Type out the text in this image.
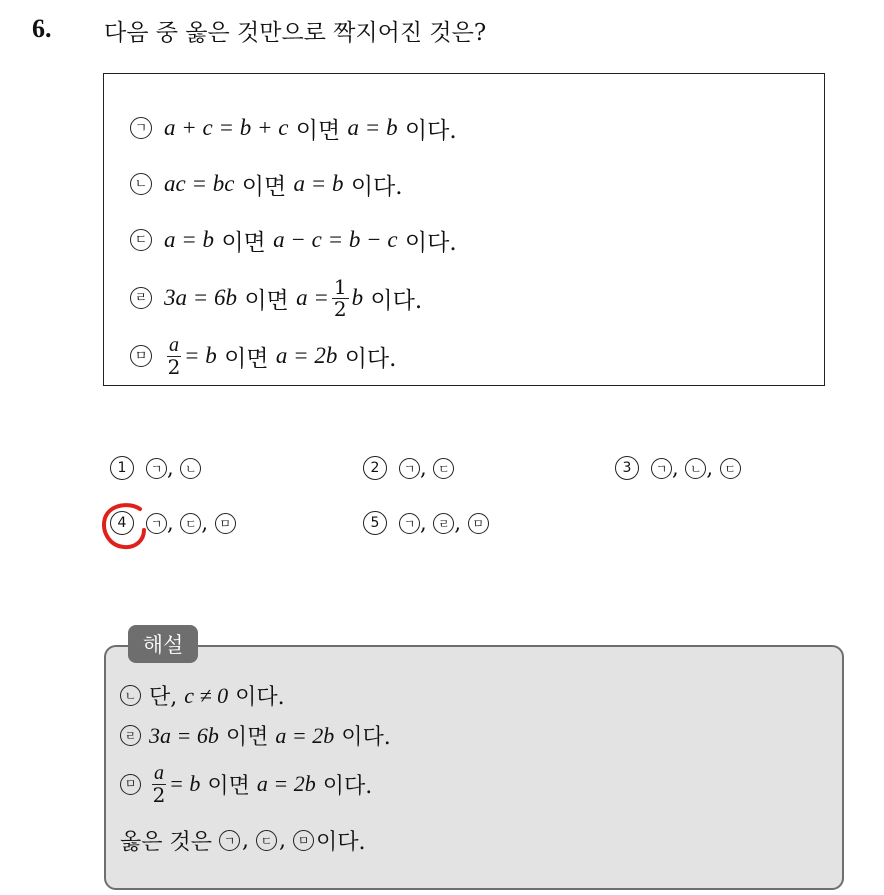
6. 다음 중 옳은 것만으로 짝지어진 것은?
ㄱ a + c = b + c
이면
a = b
이다.
ㄴ ac = bc
이면
a = b
이다.
ㄷ a = b
이면
a − c = b − c
이다.
ㄹ 3a = 6b
이면
$a = \frac{1}{2}$ b
이다.
ㅁ $\frac{a}{2} = b$
이면
a = 2b
이다.
1	ㄱ , ㄴ	2	ㄱ , ㄷ	3	ㄱ , ㄴ , ㄷ
4	ㄱ , ㄷ , ㅁ	5	ㄱ , ㄹ , ㅁ
해설
ㄴ 단,
c ≠ 0
이다.
ㄹ 3a = 6b
이면
a = 2b
이다.
ㅁ $\frac{a}{2} = b$
이면
a = 2b
이다.
옳은 것은
ㄱ , ㄷ , ㅁ 이다.
